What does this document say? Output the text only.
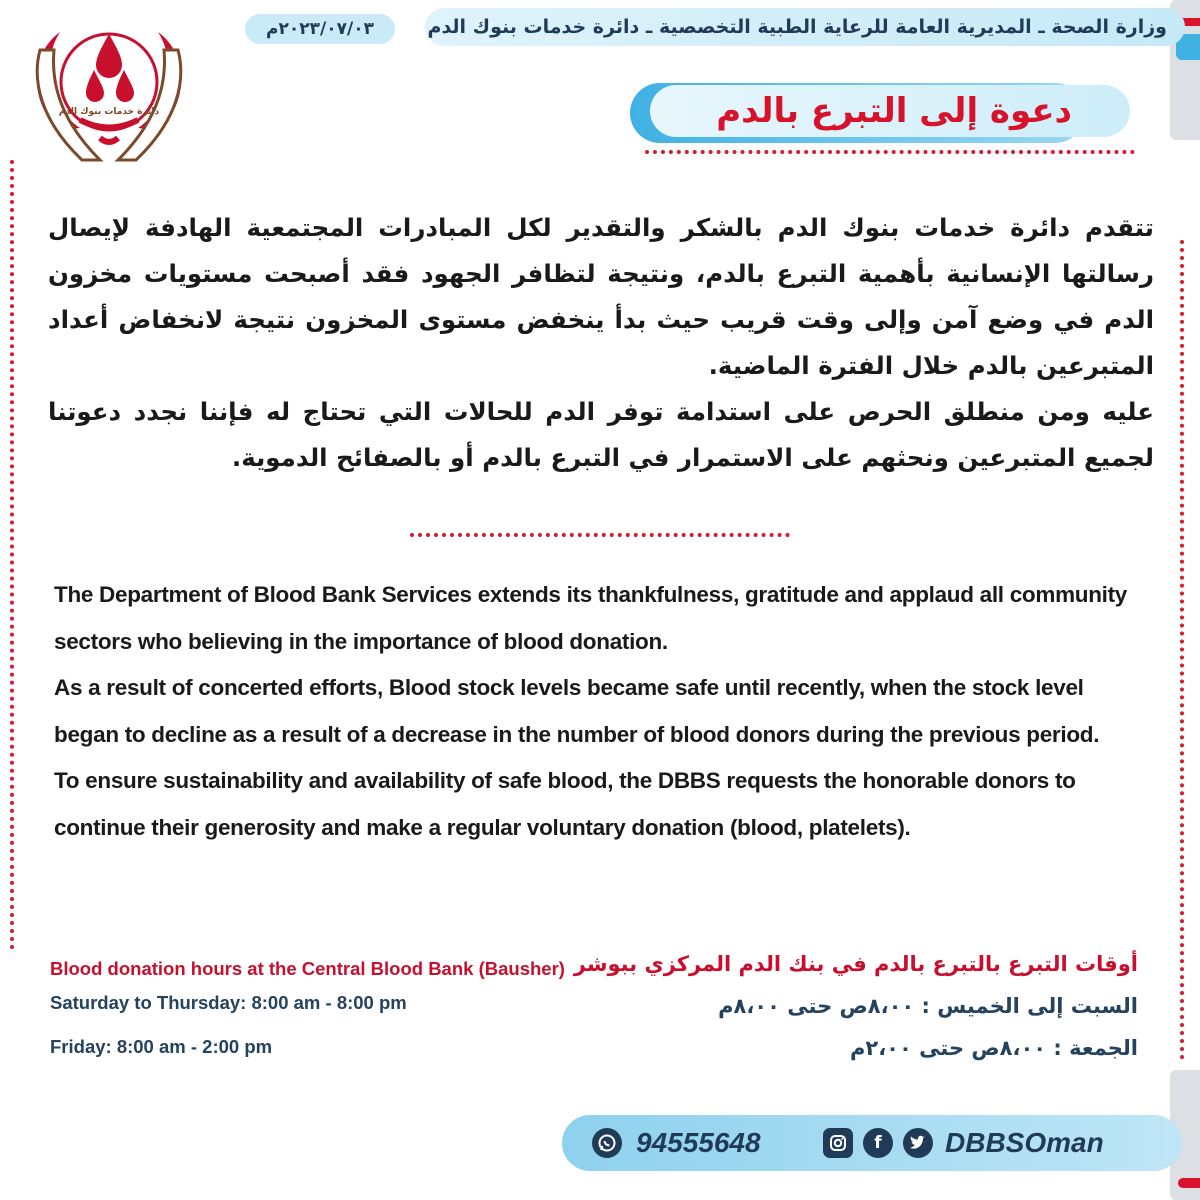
دائرة خدمات بنوك الدم
٢٠٢٣/٠٧/٠٣م	وزارة الصحة ـ المديرية العامة للرعاية الطبية التخصصية ـ دائرة خدمات بنوك الدم
دعوة إلى التبرع بالدم

تتقدم دائرة خدمات بنوك الدم بالشكر والتقدير لكل المبادرات المجتمعية الهادفة لإيصال رسالتها الإنسانية بأهمية التبرع بالدم، ونتيجة لتظافر الجهود فقد أصبحت مستويات مخزون الدم في وضع آمن وإلى وقت قريب حيث بدأ ينخفض مستوى المخزون نتيجة لانخفاض أعداد المتبرعين بالدم خلال الفترة الماضية.

عليه ومن منطلق الحرص على استدامة توفر الدم للحالات التي تحتاج له فإننا نجدد دعوتنا لجميع المتبرعين ونحثهم على الاستمرار في التبرع بالدم أو بالصفائح الدموية.

The Department of Blood Bank Services extends its thankfulness, gratitude and applaud all community sectors who believing in the importance of blood donation.

As a result of concerted efforts, Blood stock levels became safe until recently, when the stock level began to decline as a result of a decrease in the number of blood donors during the previous period.

To ensure sustainability and availability of safe blood, the DBBS requests the honorable donors to continue their generosity and make a regular voluntary donation (blood, platelets).

Blood donation hours at the Central Blood Bank (Bausher)
Saturday to Thursday: 8:00 am - 8:00 pm
Friday: 8:00 am - 2:00 pm
أوقات التبرع بالتبرع بالدم في بنك الدم المركزي ببوشر
السبت إلى الخميس : ٨،٠٠ص حتى ٨،٠٠م
الجمعة : ٨،٠٠ص حتى ٢،٠٠م
94555648	f	DBBSOman
